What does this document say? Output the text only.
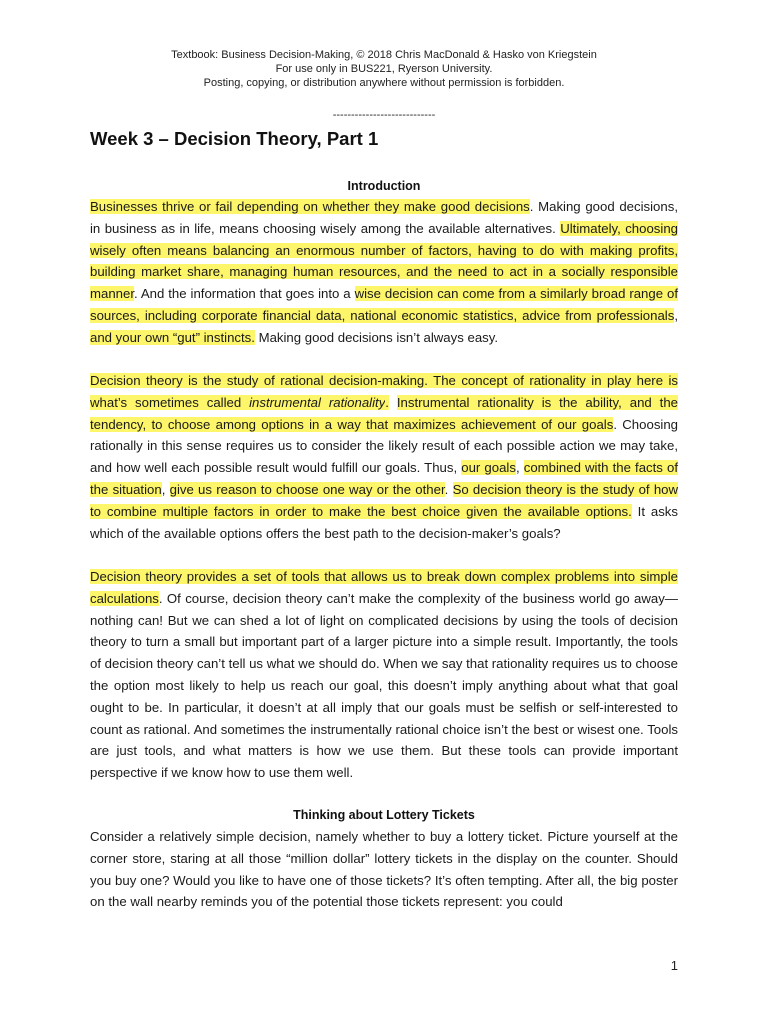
Textbook: Business Decision-Making, © 2018 Chris MacDonald & Hasko von Kriegstein
For use only in BUS221, Ryerson University.
Posting, copying, or distribution anywhere without permission is forbidden.
----------------------------
Week 3 – Decision Theory, Part 1
Introduction

Businesses thrive or fail depending on whether they make good decisions. Making good decisions, in business as in life, means choosing wisely among the available alternatives. Ultimately, choosing wisely often means balancing an enormous number of factors, having to do with making profits, building market share, managing human resources, and the need to act in a socially responsible manner. And the information that goes into a wise decision can come from a similarly broad range of sources, including corporate financial data, national economic statistics, advice from professionals, and your own “gut” instincts. Making good decisions isn’t always easy.

Decision theory is the study of rational decision-making. The concept of rationality in play here is what’s sometimes called instrumental rationality. Instrumental rationality is the ability, and the tendency, to choose among options in a way that maximizes achievement of our goals. Choosing rationally in this sense requires us to consider the likely result of each possible action we may take, and how well each possible result would fulfill our goals. Thus, our goals, combined with the facts of the situation, give us reason to choose one way or the other. So decision theory is the study of how to combine multiple factors in order to make the best choice given the available options. It asks which of the available options offers the best path to the decision-maker’s goals?

Decision theory provides a set of tools that allows us to break down complex problems into simple calculations. Of course, decision theory can’t make the complexity of the business world go away—nothing can! But we can shed a lot of light on complicated decisions by using the tools of decision theory to turn a small but important part of a larger picture into a simple result. Importantly, the tools of decision theory can’t tell us what we should do. When we say that rationality requires us to choose the option most likely to help us reach our goal, this doesn’t imply anything about what that goal ought to be. In particular, it doesn’t at all imply that our goals must be selfish or self-interested to count as rational. And sometimes the instrumentally rational choice isn’t the best or wisest one. Tools are just tools, and what matters is how we use them. But these tools can provide important perspective if we know how to use them well.

Thinking about Lottery Tickets

Consider a relatively simple decision, namely whether to buy a lottery ticket. Picture yourself at the corner store, staring at all those “million dollar” lottery tickets in the display on the counter. Should you buy one? Would you like to have one of those tickets? It’s often tempting. After all, the big poster on the wall nearby reminds you of the potential those tickets represent: you could

1
